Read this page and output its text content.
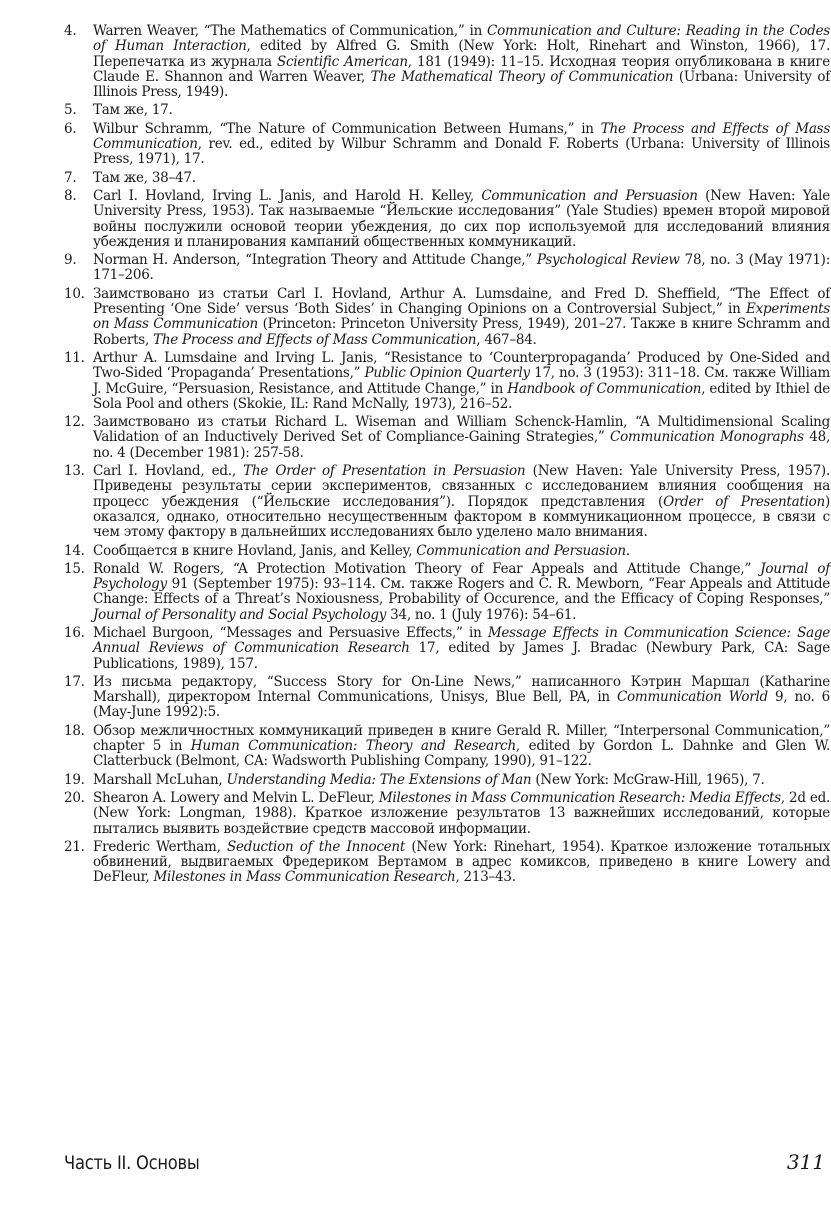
4.	Warren Weaver, “The Mathematics of Communication,” in Communication and Culture: Reading in the Codes of Human Interaction, edited by Alfred G. Smith (New York: Holt, Rinehart and Winston, 1966), 17. Перепечатка из журнала Scientific American, 181 (1949): 11–15. Исходная теория опубликована в книге Claude E. Shannon and Warren Weaver, The Mathematical Theory of Communication (Urbana: University of Illinois Press, 1949).
5.	Там же, 17.
6.	Wilbur Schramm, “The Nature of Communication Between Humans,” in The Process and Effects of Mass Communication, rev. ed., edited by Wilbur Schramm and Donald F. Roberts (Urbana: University of Illinois Press, 1971), 17.
7.	Там же, 38–47.
8.	Carl I. Hovland, Irving L. Janis, and Harold H. Kelley, Communication and Persuasion (New Haven: Yale University Press, 1953). Так называемые “Йельские исследования” (Yale Studies) времен второй мировой войны послужили основой теории убеждения, до сих пор используемой для исследований влияния убеждения и планирования кампаний общественных коммуникаций.
9.	Norman H. Anderson, “Integration Theory and Attitude Change,” Psychological Review 78, no. 3 (May 1971): 171–206.
10. Заимствовано из статьи Carl I. Hovland, Arthur A. Lumsdaine, and Fred D. Sheffield, “The Effect of Presenting ‘One Side’ versus ‘Both Sides’ in Changing Opinions on a Controversial Subject,” in Experiments on Mass Communication (Princeton: Princeton University Press, 1949), 201–27. Также в книге Schramm and Roberts, The Process and Effects of Mass Communication, 467–84.
11. Arthur A. Lumsdaine and Irving L. Janis, “Resistance to ‘Counterpropaganda’ Produced by One-Sided and Two-Sided ‘Propaganda’ Presentations,” Public Opinion Quarterly 17, no. 3 (1953): 311–18. См. также William J. McGuire, “Persuasion, Resistance, and Attitude Change,” in Handbook of Communication, edited by Ithiel de Sola Pool and others (Skokie, IL: Rand McNally, 1973), 216–52.
12. Заимствовано из статьи Richard L. Wiseman and William Schenck-Hamlin, “A Multidimensional Scaling Validation of an Inductively Derived Set of Compliance-Gaining Strategies,” Communication Monographs 48, no. 4 (December 1981): 257-58.
13. Carl I. Hovland, ed., The Order of Presentation in Persuasion (New Haven: Yale University Press, 1957). Приведены результаты серии экспериментов, связанных с исследованием влияния сообщения на процесс убеждения (“Йельские исследования”). Порядок представления (Order of Presentation) оказался, однако, относительно несущественным фактором в коммуникационном процессе, в связи с чем этому фактору в дальнейших исследованиях было уделено мало внимания.
14. Сообщается в книге Hovland, Janis, and Kelley, Communication and Persuasion.
15. Ronald W. Rogers, “A Protection Motivation Theory of Fear Appeals and Attitude Change,” Journal of Psychology 91 (September 1975): 93–114. См. также Rogers and C. R. Mewborn, “Fear Appeals and Attitude Change: Effects of a Threat’s Noxiousness, Probability of Occurence, and the Efficacy of Coping Responses,” Journal of Personality and Social Psychology 34, no. 1 (July 1976): 54–61.
16. Michael Burgoon, “Messages and Persuasive Effects,” in Message Effects in Communication Science: Sage Annual Reviews of Communication Research 17, edited by James J. Bradac (Newbury Park, CA: Sage Publications, 1989), 157.
17. Из письма редактору, “Success Story for On-Line News,” написанного Кэтрин Маршал (Katharine Marshall), директором Internal Communications, Unisys, Blue Bell, PA, in Communication World 9, no. 6 (May-June 1992):5.
18. Обзор межличностных коммуникаций приведен в книге Gerald R. Miller, “Interpersonal Communication,” chapter 5 in Human Communication: Theory and Research, edited by Gordon L. Dahnke and Glen W. Clatterbuck (Belmont, CA: Wadsworth Publishing Company, 1990), 91–122.
19. Marshall McLuhan, Understanding Media: The Extensions of Man (New York: McGraw-Hill, 1965), 7.
20. Shearon A. Lowery and Melvin L. DeFleur, Milestones in Mass Communication Research: Media Effects, 2d ed. (New York: Longman, 1988). Краткое изложение результатов 13 важнейших исследований, которые пытались выявить воздействие средств массовой информации.
21. Frederic Wertham, Seduction of the Innocent (New York: Rinehart, 1954). Краткое изложение тотальных обвинений, выдвигаемых Фредериком Вертамом в адрес комиксов, приведено в книге Lowery and DeFleur, Milestones in Mass Communication Research, 213–43.
Часть II. Основы	311
